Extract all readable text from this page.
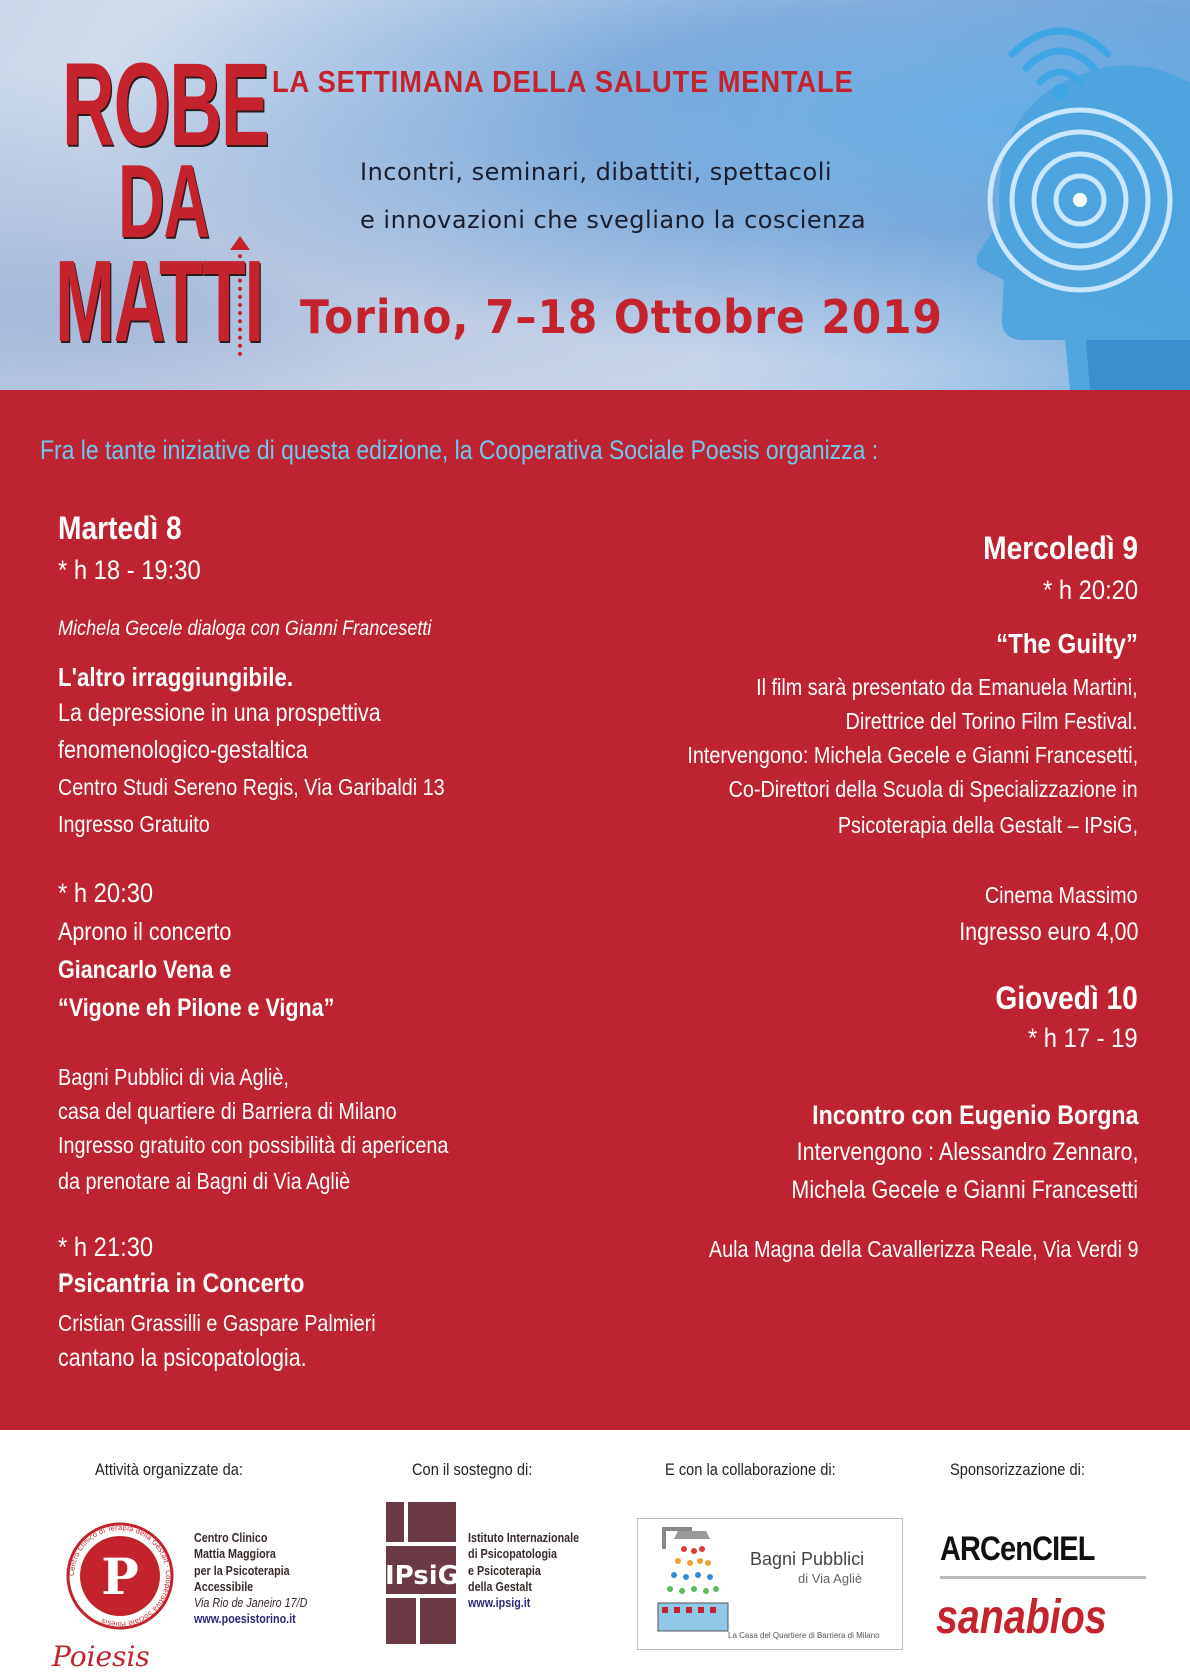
ROBE
DA
MATTI
LA SETTIMANA DELLA SALUTE MENTALE
Incontri, seminari, dibattiti, spettacoli
e innovazioni che svegliano la coscienza
Torino, 7–18 Ottobre 2019
Fra le tante iniziative di questa edizione, la Cooperativa Sociale Poesis organizza :
Martedì 8
* h 18 - 19:30
Michela Gecele dialoga con Gianni Francesetti
L'altro irraggiungibile.
La depressione in una prospettiva
fenomenologico-gestaltica
Centro Studi Sereno Regis, Via Garibaldi 13
Ingresso Gratuito
* h 20:30
Aprono il concerto
Giancarlo Vena e
“Vigone eh Pilone e Vigna”
Bagni Pubblici di via Agliè,
casa del quartiere di Barriera di Milano
Ingresso gratuito con possibilità di apericena
da prenotare ai Bagni di Via Agliè
* h 21:30
Psicantria in Concerto
Cristian Grassilli e Gaspare Palmieri
cantano la psicopatologia.
Mercoledì 9
* h 20:20
“The Guilty”
Il film sarà presentato da Emanuela Martini,
Direttrice del Torino Film Festival.
Intervengono: Michela Gecele e Gianni Francesetti,
Co-Direttori della Scuola di Specializzazione in
Psicoterapia della Gestalt – IPsiG,
Cinema Massimo
Ingresso euro 4,00
Giovedì 10
* h 17 - 19
Incontro con Eugenio Borgna
Intervengono : Alessandro Zennaro,
Michela Gecele e Gianni Francesetti
Aula Magna della Cavallerizza Reale, Via Verdi 9
Attività organizzate da:
Centro Clinico di Terapia della Gestalt · Cooperativa Sociale Poiesis
P
Poiesis
Centro Clinico
Mattia Maggiora
per la Psicoterapia
Accessibile
Via Rio de Janeiro 17/D
www.poesistorino.it
Con il sostegno di:
IPsiG
Istituto Internazionale
di Psicopatologia
e Psicoterapia
della Gestalt
www.ipsig.it
E con la collaborazione di:
Bagni Pubblici
di Via Agliè
La Casa del Quartiere di Barriera di Milano
Sponsorizzazione di:
ARCenCIEL
sanabios
